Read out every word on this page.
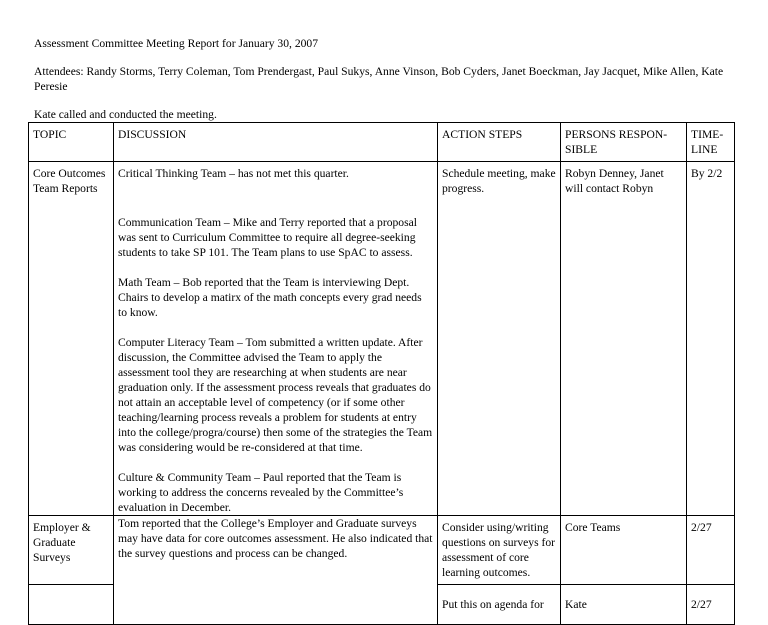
Assessment Committee Meeting Report for January 30, 2007

Attendees: Randy Storms, Terry Coleman, Tom Prendergast, Paul Sukys, Anne Vinson, Bob Cyders, Janet Boeckman, Jay Jacquet, Mike Allen, Kate Peresie

Kate called and conducted the meeting.

TOPIC	DISCUSSION	ACTION STEPS	PERSONS RESPON-SIBLE	TIME-LINE
Core Outcomes Team Reports	Critical Thinking Team – has not met this quarter.

Communication Team – Mike and Terry reported that a proposal was sent to Curriculum Committee to require all degree-seeking students to take SP 101. The Team plans to use SpAC to assess.

Math Team – Bob reported that the Team is interviewing Dept. Chairs to develop a matirx of the math concepts every grad needs to know.

Computer Literacy Team – Tom submitted a written update. After discussion, the Committee advised the Team to apply the assessment tool they are researching at when students are near graduation only. If the assessment process reveals that graduates do not attain an acceptable level of competency (or if some other teaching/learning process reveals a problem for students at entry into the college/progra/course) then some of the strategies the Team was considering would be re-considered at that time.

Culture & Community Team – Paul reported that the Team is working to address the concerns revealed by the Committee’s evaluation in December.	Schedule meeting, make progress.	Robyn Denney, Janet will contact Robyn	By 2/2
Employer & Graduate Surveys	Tom reported that the College’s Employer and Graduate surveys may have data for core outcomes assessment. He also indicated that the survey questions and process can be changed.	Consider using/writing questions on surveys for assessment of core learning outcomes.	Core Teams	2/27
		Put this on agenda for	Kate	2/27
